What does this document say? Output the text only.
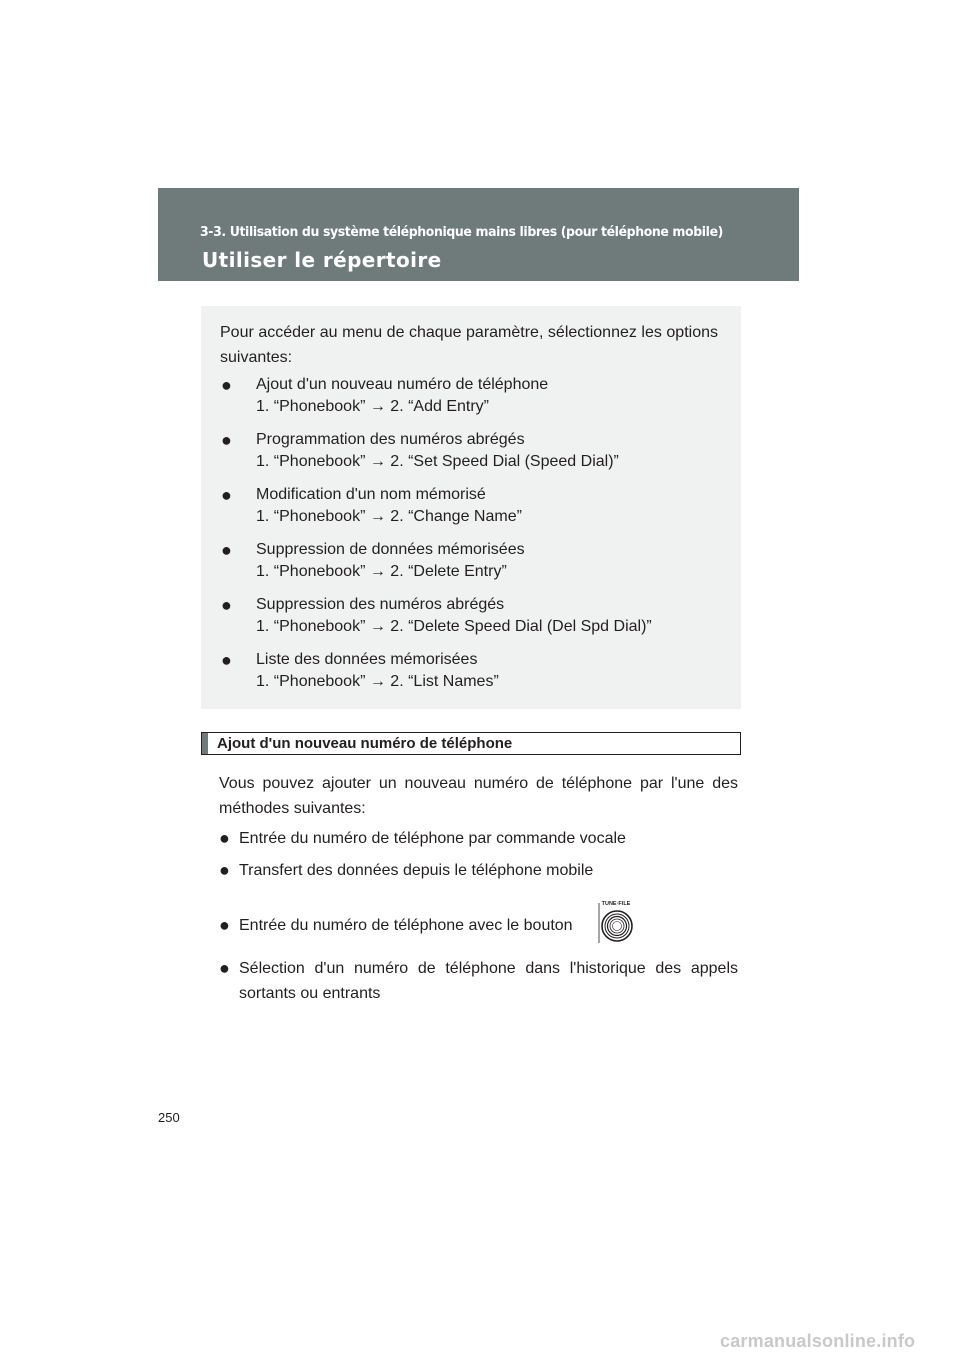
3-3. Utilisation du système téléphonique mains libres (pour téléphone mobile)
Utiliser le répertoire
Pour accéder au menu de chaque paramètre, sélectionnez les options suivantes:
●	Ajout d'un nouveau numéro de téléphone
1. “Phonebook” → 2. “Add Entry”
●	Programmation des numéros abrégés
1. “Phonebook” → 2. “Set Speed Dial (Speed Dial)”
●	Modification d'un nom mémorisé
1. “Phonebook” → 2. “Change Name”
●	Suppression de données mémorisées
1. “Phonebook” → 2. “Delete Entry”
●	Suppression des numéros abrégés
1. “Phonebook” → 2. “Delete Speed Dial (Del Spd Dial)”
●	Liste des données mémorisées
1. “Phonebook” → 2. “List Names”
Ajout d'un nouveau numéro de téléphone
Vous pouvez ajouter un nouveau numéro de téléphone par l'une des méthodes suivantes:
● Entrée du numéro de téléphone par commande vocale
● Transfert des données depuis le téléphone mobile
● Entrée du numéro de téléphone avec le bouton
TUNE·FILE
● Sélection d'un numéro de téléphone dans l'historique des appels sortants ou entrants
250
carmanualsonline.info
